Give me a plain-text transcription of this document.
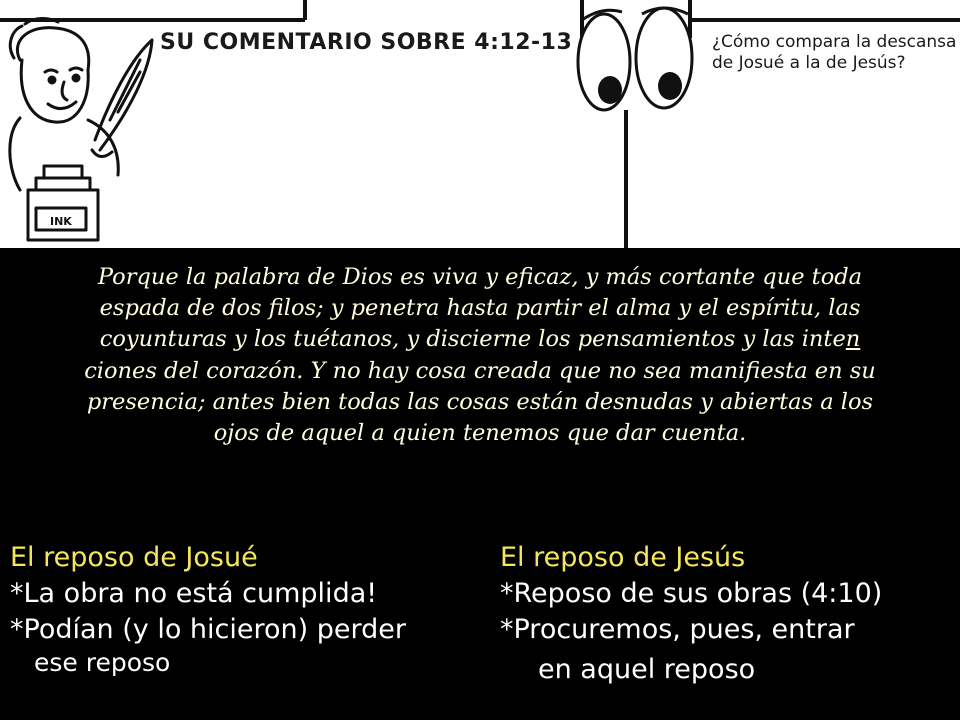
INK
SU COMENTARIO SOBRE 4:12-13	¿Cómo compara la descansa
de Josué a la de Jesús?
Porque la palabra de Dios es viva y eficaz, y más cortante que toda
espada de dos filos; y penetra hasta partir el alma y el espíritu, las
coyunturas y los tuétanos, y discierne los pensamientos y las inten
ciones del corazón. Y no hay cosa creada que no sea manifiesta en su
presencia; antes bien todas las cosas están desnudas y abiertas a los
ojos de aquel a quien tenemos que dar cuenta.
El reposo de Josué
*La obra no está cumplida!
*Podían (y lo hicieron) perder
ese reposo
El reposo de Jesús
*Reposo de sus obras (4:10)
*Procuremos, pues, entrar
en aquel reposo
